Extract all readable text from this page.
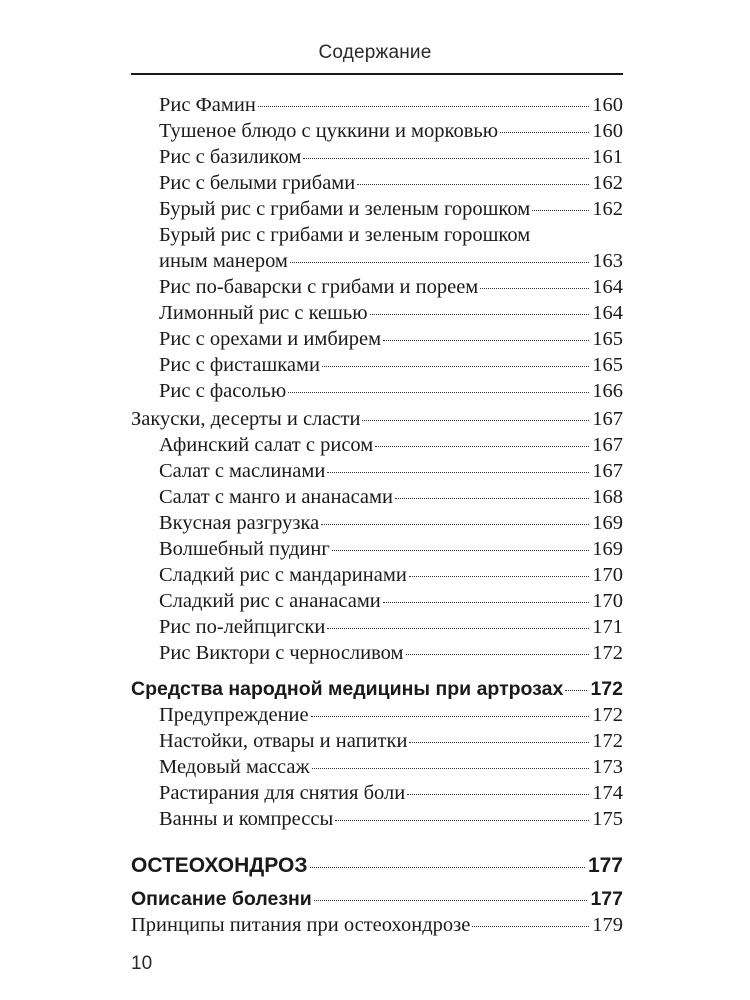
Содержание
Рис Фамин	160
Тушеное блюдо с цуккини и морковью	160
Рис с базиликом	161
Рис с белыми грибами	162
Бурый рис с грибами и зеленым горошком	162
Бурый рис с грибами и зеленым горошком
иным манером	163
Рис по-баварски с грибами и пореем	164
Лимонный рис с кешью	164
Рис с орехами и имбирем	165
Рис с фисташками	165
Рис с фасолью	166
Закуски, десерты и сласти	167
Афинский салат с рисом	167
Салат с маслинами	167
Салат с манго и ананасами	168
Вкусная разгрузка	169
Волшебный пудинг	169
Сладкий рис с мандаринами	170
Сладкий рис с ананасами	170
Рис по-лейпцигски	171
Рис Виктори с черносливом	172
Средства народной медицины при артрозах 172
Предупреждение	172
Настойки, отвары и напитки	172
Медовый массаж	173
Растирания для снятия боли	174
Ванны и компрессы	175
ОСТЕОХОНДРОЗ	177
Описание болезни	177
Принципы питания при остеохондрозе	179
10
